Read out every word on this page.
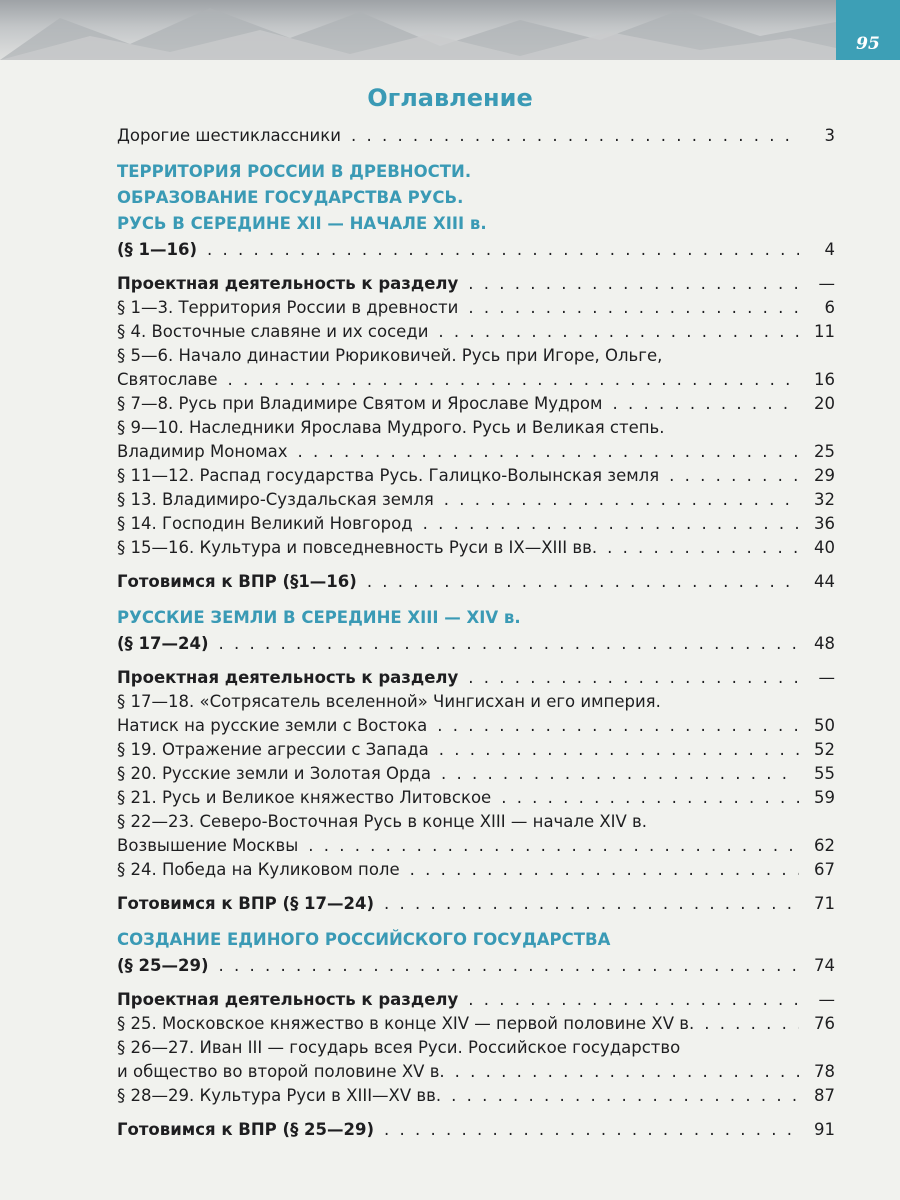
95
Оглавление
Дорогие шестиклассники . . .	3
ТЕРРИТОРИЯ РОССИИ В ДРЕВНОСТИ.
ОБРАЗОВАНИЕ ГОСУДАРСТВА РУСЬ.
РУСЬ В СЕРЕДИНЕ XII — НАЧАЛЕ XIII в.
(§ 1—16) . . .	4
Проектная деятельность к разделу . . .	—
§ 1—3. Территория России в древности . . .	6
§ 4. Восточные славяне и их соседи . . .	11
§ 5—6. Начало династии Рюриковичей. Русь при Игоре, Ольге,
Святославе . . .	16
§ 7—8. Русь при Владимире Святом и Ярославе Мудром . . .	20
§ 9—10. Наследники Ярослава Мудрого. Русь и Великая степь.
Владимир Мономах . . .	25
§ 11—12. Распад государства Русь. Галицко-Волынская земля . . .	29
§ 13. Владимиро-Суздальская земля . . .	32
§ 14. Господин Великий Новгород . . .	36
§ 15—16. Культура и повседневность Руси в IX—XIII вв. . . .	40
Готовимся к ВПР (§1—16) . . .	44
РУССКИЕ ЗЕМЛИ В СЕРЕДИНЕ XIII — XIV в.
(§ 17—24) . . .	48
Проектная деятельность к разделу . . .	—
§ 17—18. «Сотрясатель вселенной» Чингисхан и его империя.
Натиск на русские земли с Востока . . .	50
§ 19. Отражение агрессии с Запада . . .	52
§ 20. Русские земли и Золотая Орда . . .	55
§ 21. Русь и Великое княжество Литовское . . .	59
§ 22—23. Северо-Восточная Русь в конце XIII — начале XIV в.
Возвышение Москвы . . .	62
§ 24. Победа на Куликовом поле . . .	67
Готовимся к ВПР (§ 17—24) . . .	71
СОЗДАНИЕ ЕДИНОГО РОССИЙСКОГО ГОСУДАРСТВА
(§ 25—29) . . .	74
Проектная деятельность к разделу . . .	—
§ 25. Московское княжество в конце XIV — первой половине XV в. . . .	76
§ 26—27. Иван III — государь всея Руси. Российское государство
и общество во второй половине XV в. . . .	78
§ 28—29. Культура Руси в XIII—XV вв. . . .	87
Готовимся к ВПР (§ 25—29) . . .	91
